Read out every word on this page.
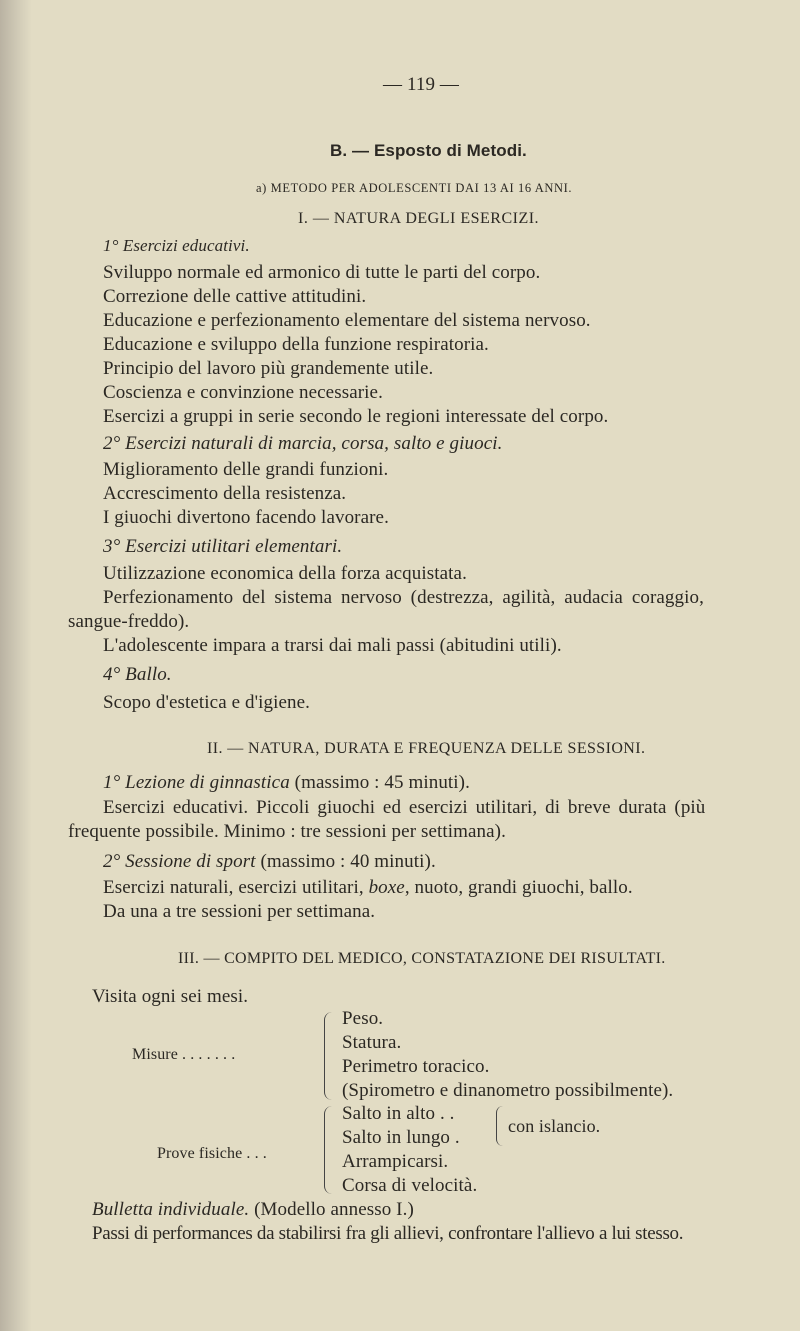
— 119 —
B. — Esposto di Metodi.
a) METODO PER ADOLESCENTI DAI 13 AI 16 ANNI.
I. — NATURA DEGLI ESERCIZI.
1° Esercizi educativi.
Sviluppo normale ed armonico di tutte le parti del corpo.
Correzione delle cattive attitudini.
Educazione e perfezionamento elementare del sistema nervoso.
Educazione e sviluppo della funzione respiratoria.
Principio del lavoro più grandemente utile.
Coscienza e convinzione necessarie.
Esercizi a gruppi in serie secondo le regioni interessate del corpo.
2° Esercizi naturali di marcia, corsa, salto e giuoci.
Miglioramento delle grandi funzioni.
Accrescimento della resistenza.
I giuochi divertono facendo lavorare.
3° Esercizi utilitari elementari.
Utilizzazione economica della forza acquistata.
Perfezionamento del sistema nervoso (destrezza, agilità, audacia coraggio,
sangue-freddo).
L'adolescente impara a trarsi dai mali passi (abitudini utili).
4° Ballo.
Scopo d'estetica e d'igiene.
II. — NATURA, DURATA E FREQUENZA DELLE SESSIONI.
1° Lezione di ginnastica (massimo : 45 minuti).
Esercizi educativi. Piccoli giuochi ed esercizi utilitari, di breve durata (più
frequente possibile. Minimo : tre sessioni per settimana).
2° Sessione di sport (massimo : 40 minuti).
Esercizi naturali, esercizi utilitari, boxe, nuoto, grandi giuochi, ballo.
Da una a tre sessioni per settimana.
III. — COMPITO DEL MEDICO, CONSTATAZIONE DEI RISULTATI.
Visita ogni sei mesi.
Misure . . . . . . .
Peso.
Statura.
Perimetro toracico.
(Spirometro e dinanometro possibilmente).
Prove fisiche . . .
Salto in alto . .
Salto in lungo .
Arrampicarsi.
Corsa di velocità.
con islancio.
Bulletta individuale. (Modello annesso I.)
Passi di performances da stabilirsi fra gli allievi, confrontare l'allievo a lui stesso.
